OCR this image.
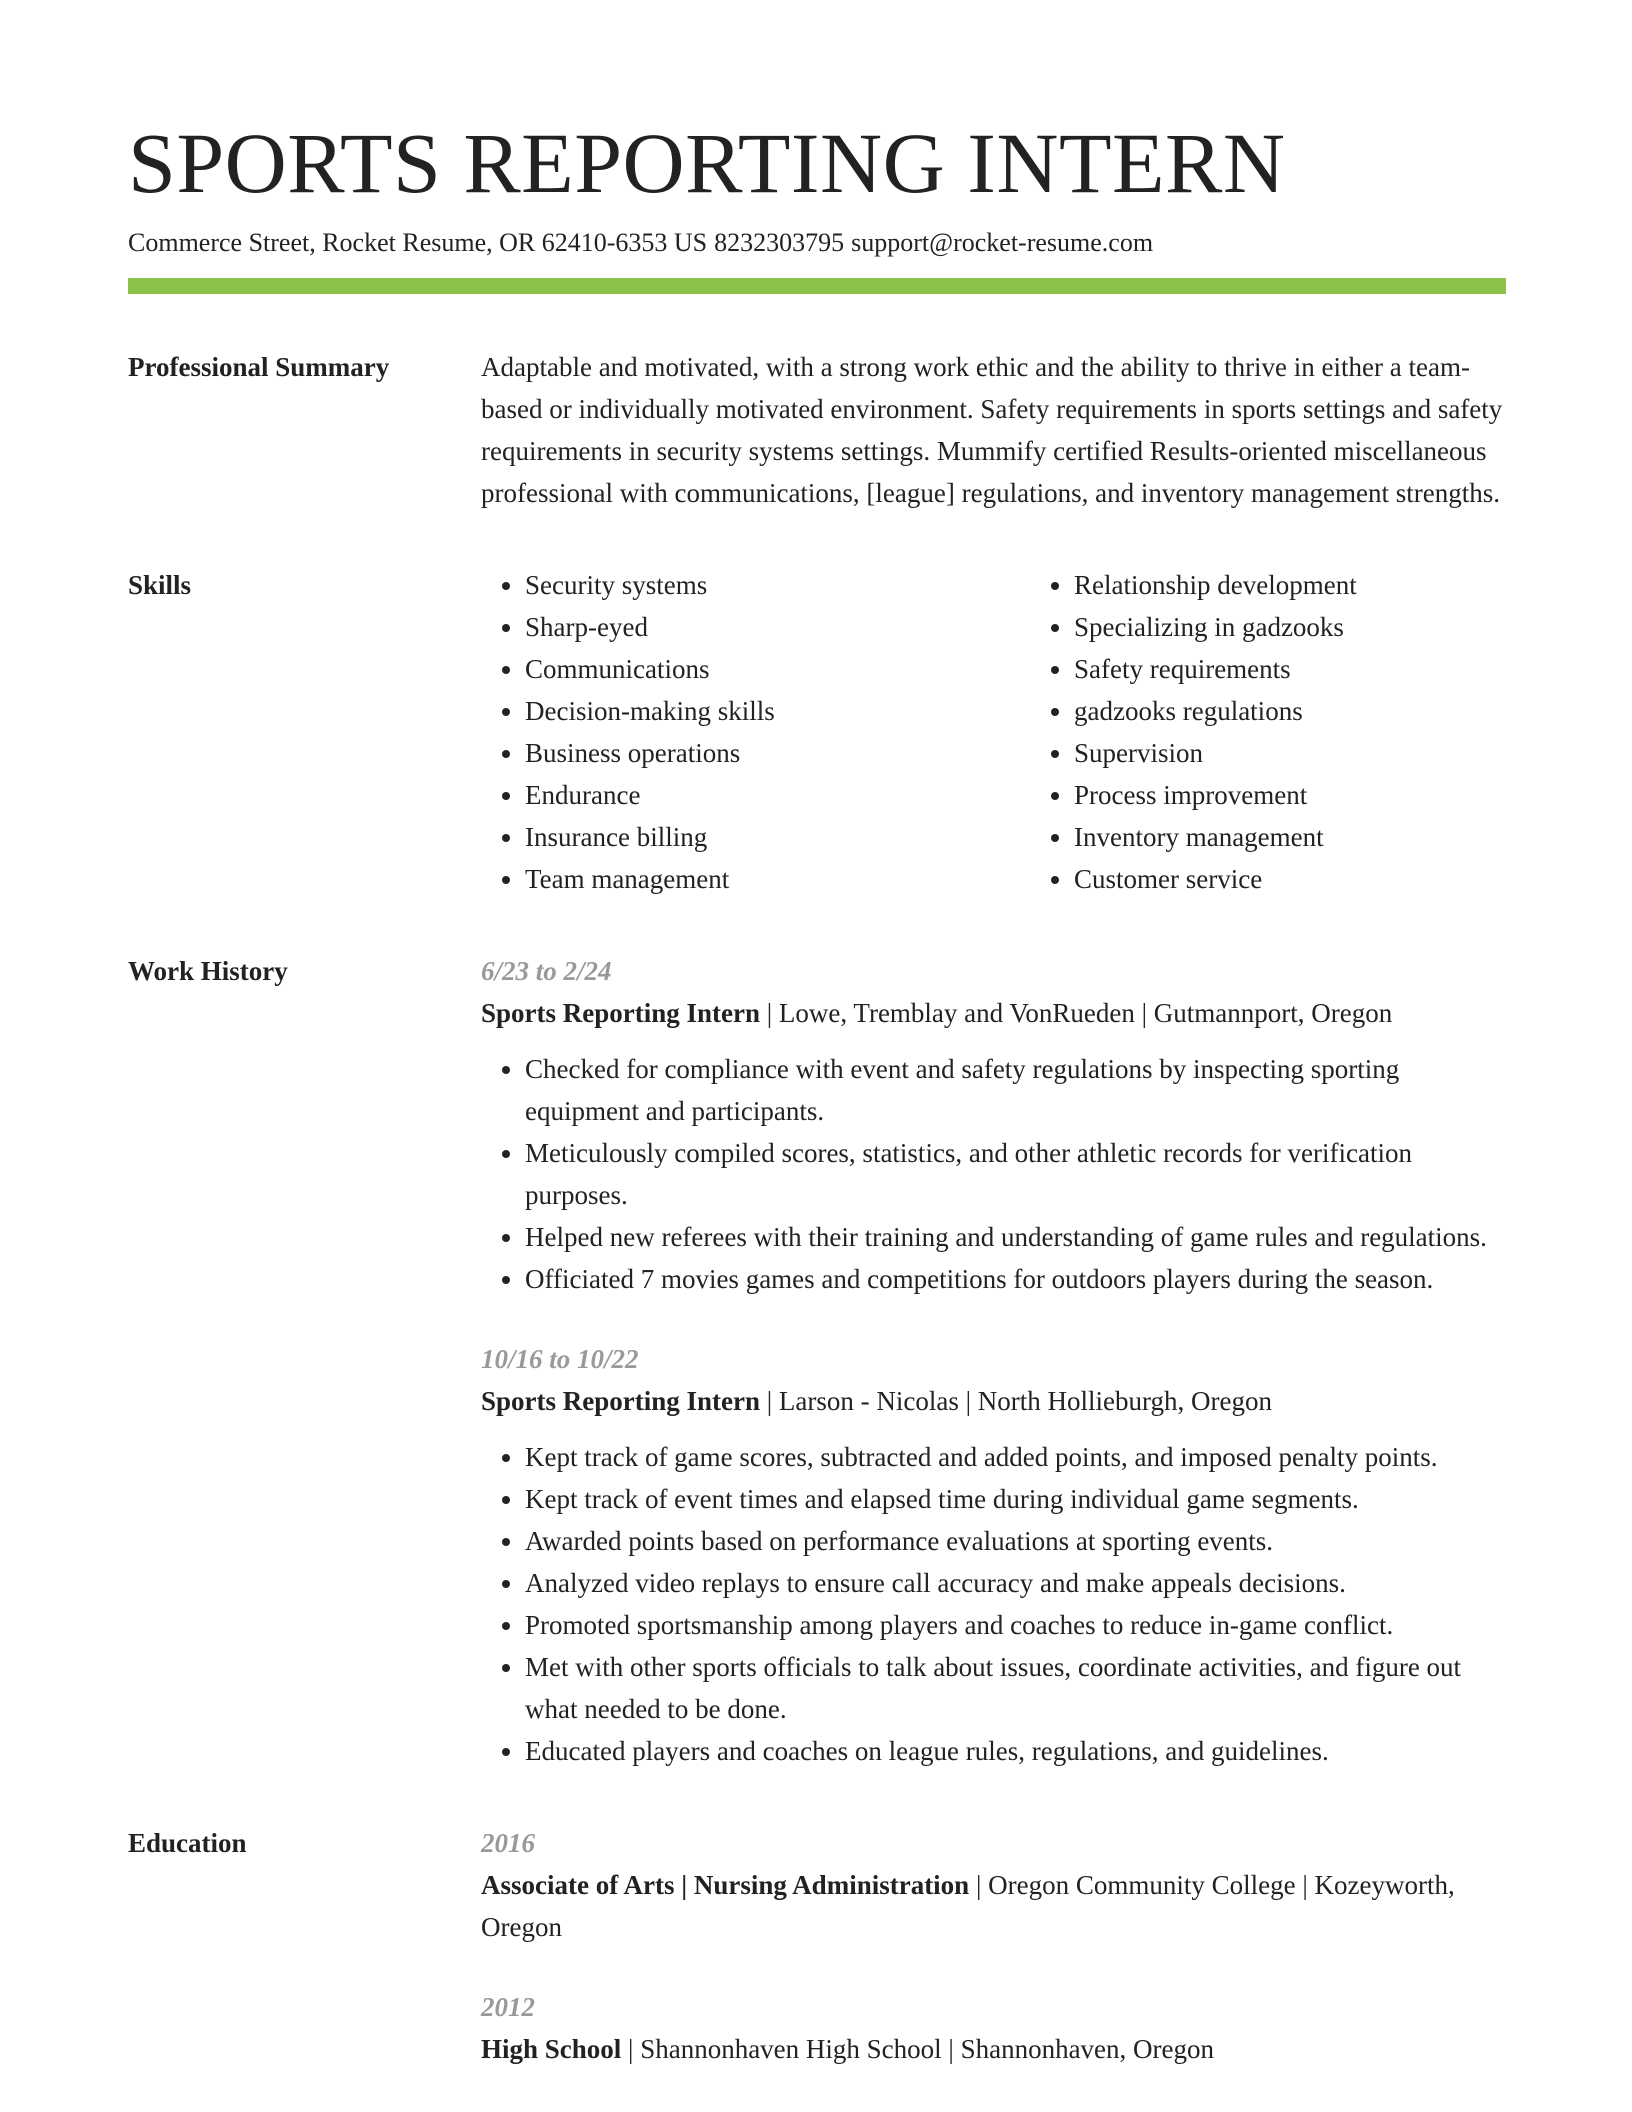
SPORTS REPORTING INTERN
Commerce Street, Rocket Resume, OR 62410-6353 US 8232303795 support@rocket-resume.com
Professional Summary	Adaptable and motivated, with a strong work ethic and the ability to thrive in either a team-based or individually motivated environment. Safety requirements in sports settings and safety requirements in security systems settings. Mummify certified Results-oriented miscellaneous professional with communications, [league] regulations, and inventory management strengths.

Skills
•	Security systems
• Sharp-eyed
• Communications
• Decision-making skills
• Business operations
• Endurance
• Insurance billing
• Team management
• Relationship development
• Specializing in gadzooks
• Safety requirements
• gadzooks regulations
• Supervision
• Process improvement
• Inventory management
• Customer service
Work History	6/23 to 2/24
Sports Reporting Intern | Lowe, Tremblay and VonRueden | Gutmannport, Oregon
• Checked for compliance with event and safety regulations by inspecting sporting equipment and participants.
• Meticulously compiled scores, statistics, and other athletic records for verification purposes.
• Helped new referees with their training and understanding of game rules and regulations.
• Officiated 7 movies games and competitions for outdoors players during the season.
10/16 to 10/22
Sports Reporting Intern | Larson - Nicolas | North Hollieburgh, Oregon
• Kept track of game scores, subtracted and added points, and imposed penalty points.
• Kept track of event times and elapsed time during individual game segments.
• Awarded points based on performance evaluations at sporting events.
• Analyzed video replays to ensure call accuracy and make appeals decisions.
• Promoted sportsmanship among players and coaches to reduce in-game conflict.
• Met with other sports officials to talk about issues, coordinate activities, and figure out what needed to be done.
• Educated players and coaches on league rules, regulations, and guidelines.
Education	2016
Associate of Arts | Nursing Administration | Oregon Community College | Kozeyworth, Oregon
2012
High School | Shannonhaven High School | Shannonhaven, Oregon
